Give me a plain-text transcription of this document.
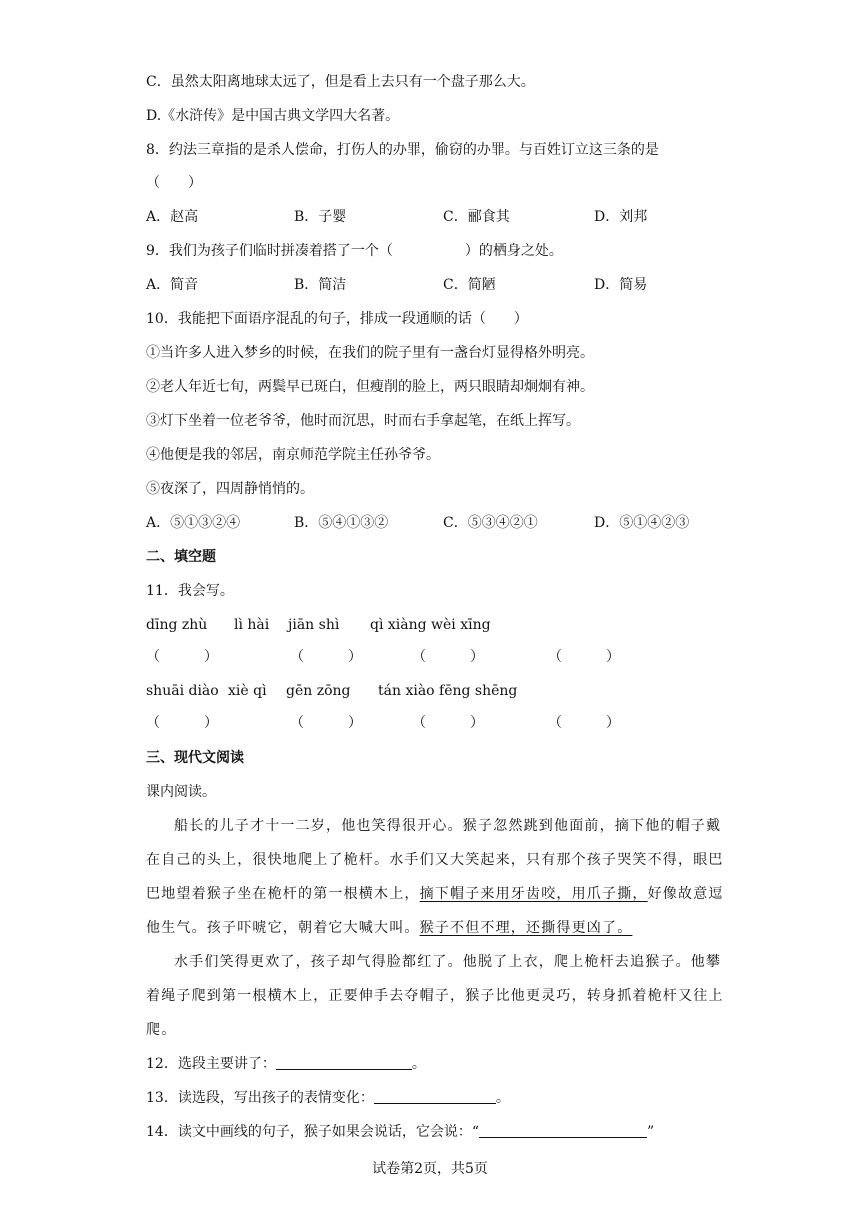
C．虽然太阳离地球太远了，但是看上去只有一个盘子那么大。
D.《水浒传》是中国古典文学四大名著。
8．约法三章指的是杀人偿命，打伤人的办罪，偷窃的办罪。与百姓订立这三条的是
（　　）
A．赵高	B．子婴	C．郦食其	D．刘邦
9．我们为孩子们临时拼凑着搭了一个（	）的栖身之处。
A．简音	B．简洁	C．简陋	D．简易
10．我能把下面语序混乱的句子，排成一段通顺的话（　　）
①当许多人进入梦乡的时候，在我们的院子里有一盏台灯显得格外明亮。
②老人年近七旬，两鬓早已斑白，但瘦削的脸上，两只眼睛却炯炯有神。
③灯下坐着一位老爷爷，他时而沉思，时而右手拿起笔，在纸上挥写。
④他便是我的邻居，南京师范学院主任孙爷爷。
⑤夜深了，四周静悄悄的。
A．⑤①③②④	B．⑤④①③②	C．⑤③④②①	D．⑤①④②③
二、填空题
11．我会写。
dīng zhù lì hài jiān shì qì xiàng wèi xīng
（	）	（	）	（	）	（	）
shuāi diào xiè qì gēn zōng tán xiào fēng shēng
（	）	（	）	（	）	（	）
三、现代文阅读
课内阅读。
船长的儿子才十一二岁，他也笑得很开心。猴子忽然跳到他面前，摘下他的帽子戴
在自己的头上，很快地爬上了桅杆。水手们又大笑起来，只有那个孩子哭笑不得，眼巴
巴地望着猴子坐在桅杆的第一根横木上，摘下帽子来用牙齿咬，用爪子撕，好像故意逗
他生气。孩子吓唬它，朝着它大喊大叫。猴子不但不理，还撕得更凶了。
水手们笑得更欢了，孩子却气得脸都红了。他脱了上衣，爬上桅杆去追猴子。他攀
着绳子爬到第一根横木上，正要伸手去夺帽子，猴子比他更灵巧，转身抓着桅杆又往上
爬。
12．选段主要讲了：	。
13．读选段，写出孩子的表情变化：	。
14．读文中画线的句子，猴子如果会说话，它会说：“	”
试卷第2页，共5页
